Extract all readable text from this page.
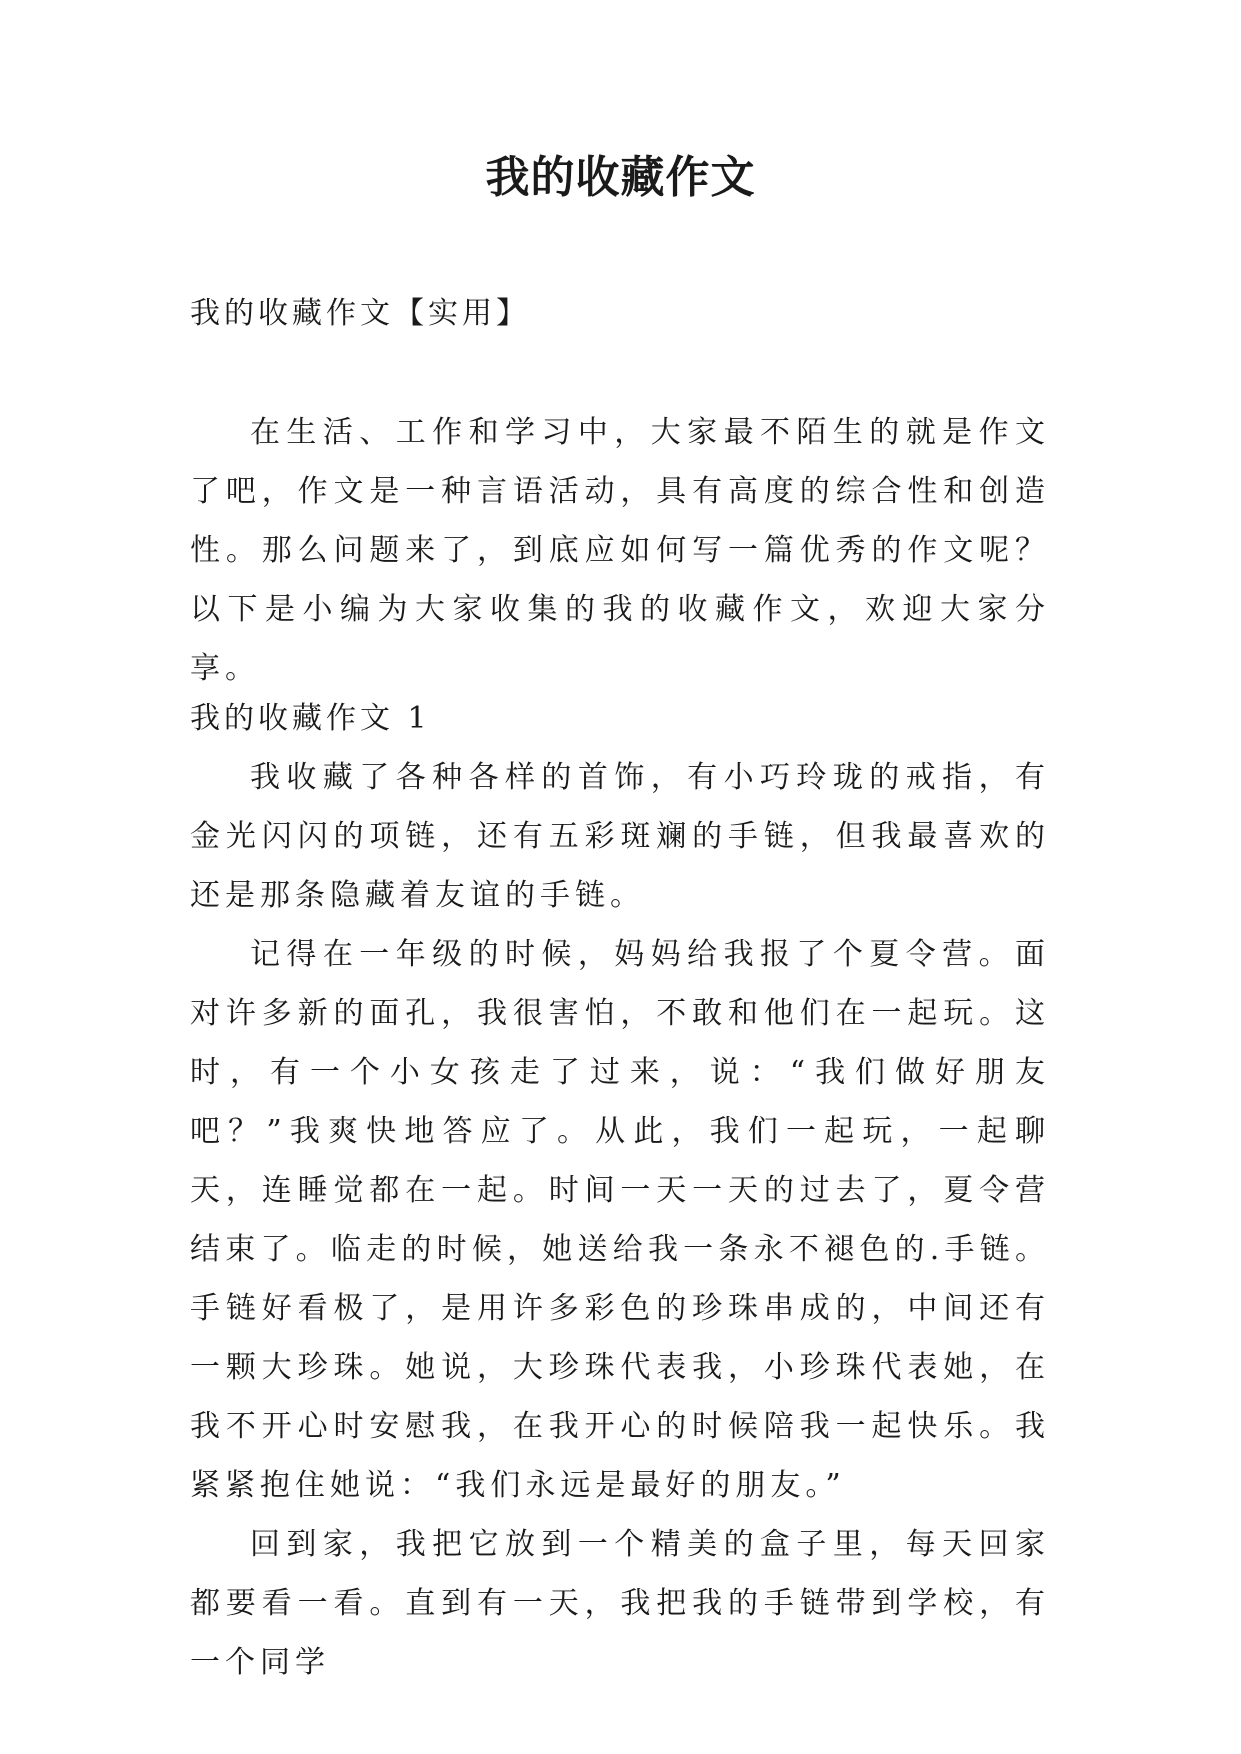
我的收藏作文
我的收藏作文【实用】

在生活、工作和学习中，大家最不陌生的就是作文了吧，作文是一种言语活动，具有高度的综合性和创造性。那么问题来了，到底应如何写一篇优秀的作文呢？以下是小编为大家收集的我的收藏作文，欢迎大家分享。

我的收藏作文 1

我收藏了各种各样的首饰，有小巧玲珑的戒指，有金光闪闪的项链，还有五彩斑斓的手链，但我最喜欢的还是那条隐藏着友谊的手链。

记得在一年级的时候，妈妈给我报了个夏令营。面对许多新的面孔，我很害怕，不敢和他们在一起玩。这时，有一个小女孩走了过来，说：“我们做好朋友吧？”我爽快地答应了。从此，我们一起玩，一起聊天，连睡觉都在一起。时间一天一天的过去了，夏令营结束了。临走的时候，她送给我一条永不褪色的.手链。手链好看极了，是用许多彩色的珍珠串成的，中间还有一颗大珍珠。她说，大珍珠代表我，小珍珠代表她，在我不开心时安慰我，在我开心的时候陪我一起快乐。我紧紧抱住她说：“我们永远是最好的朋友。”

回到家，我把它放到一个精美的盒子里，每天回家都要看一看。直到有一天，我把我的手链带到学校，有一个同学
